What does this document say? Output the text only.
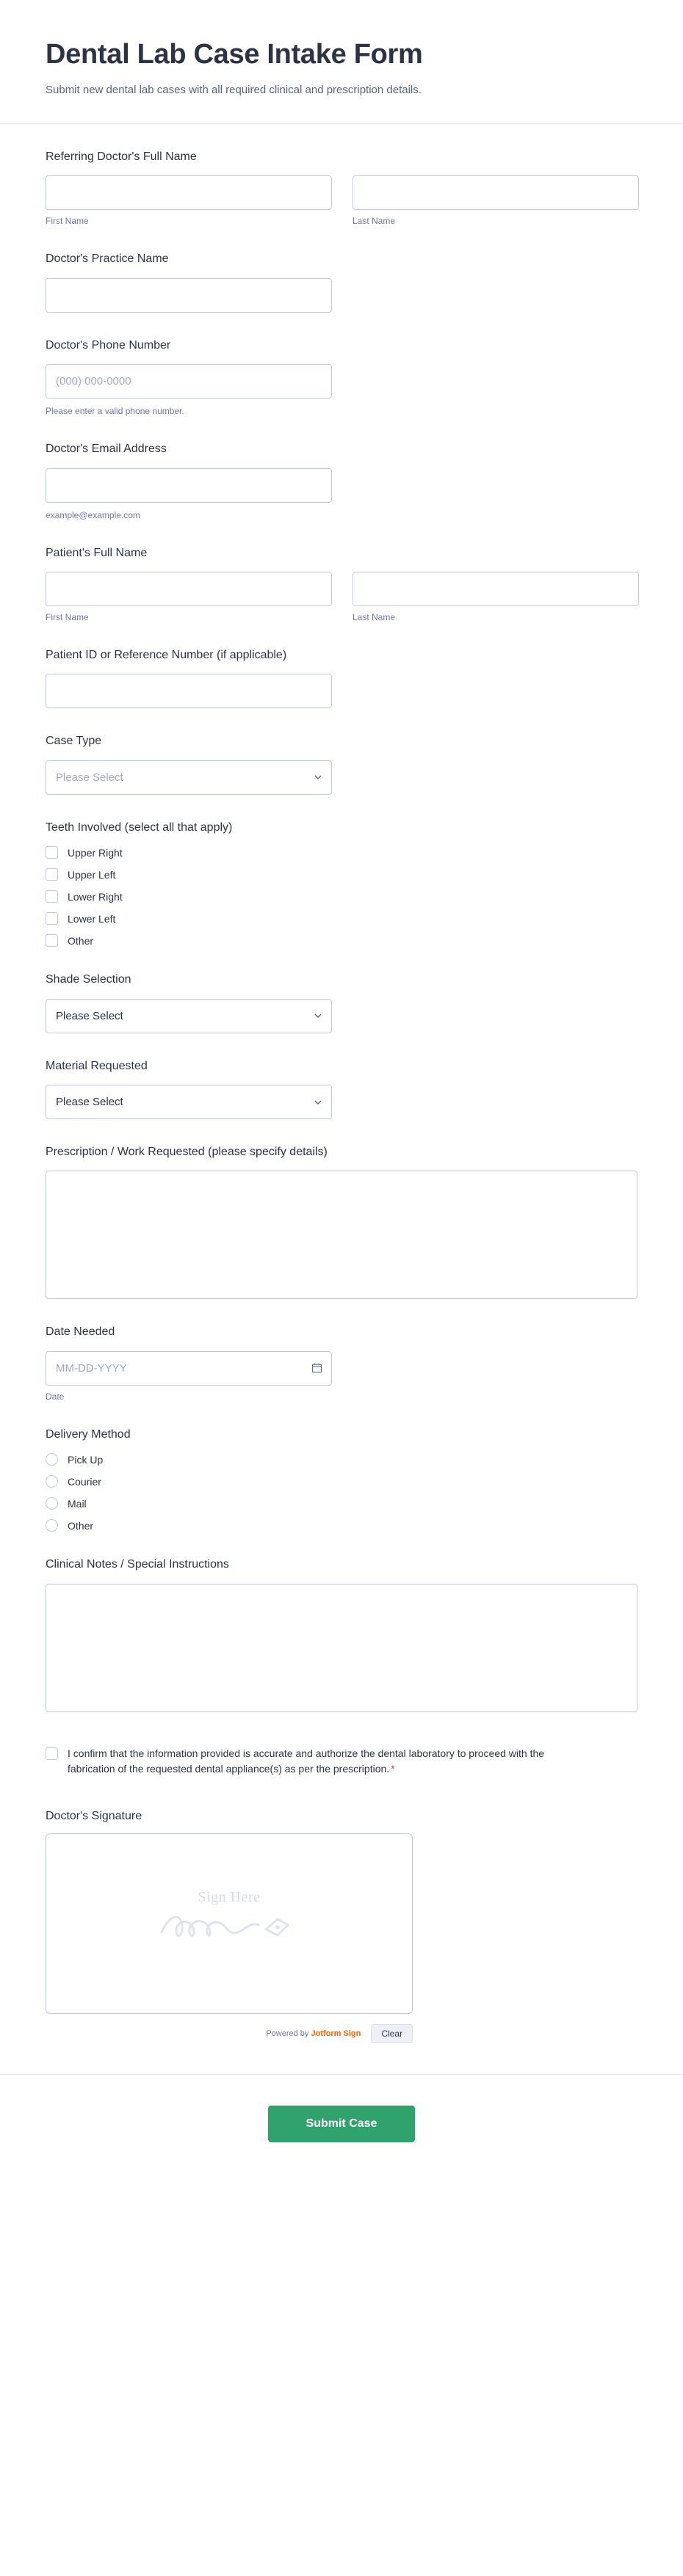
Dental Lab Case Intake Form

Submit new dental lab cases with all required clinical and prescription details.

Referring Doctor's Full Name
First Name	Last Name
Doctor's Practice Name
Doctor's Phone Number
(000) 000-0000
Please enter a valid phone number.
Doctor's Email Address
example@example.com
Patient's Full Name
First Name	Last Name
Patient ID or Reference Number (if applicable)
Case Type
Please Select
Teeth Involved (select all that apply)
Upper Right
Upper Left
Lower Right
Lower Left
Other
Shade Selection
Please Select
Material Requested
Please Select
Prescription / Work Requested (please specify details)
Date Needed
MM-DD-YYYY
Date
Delivery Method
Pick Up
Courier
Mail
Other
Clinical Notes / Special Instructions
I confirm that the information provided is accurate and authorize the dental laboratory to proceed with the fabrication of the requested dental appliance(s) as per the prescription. *
Doctor's Signature
Sign Here
Powered by Jotform Sign	Clear
Submit Case
